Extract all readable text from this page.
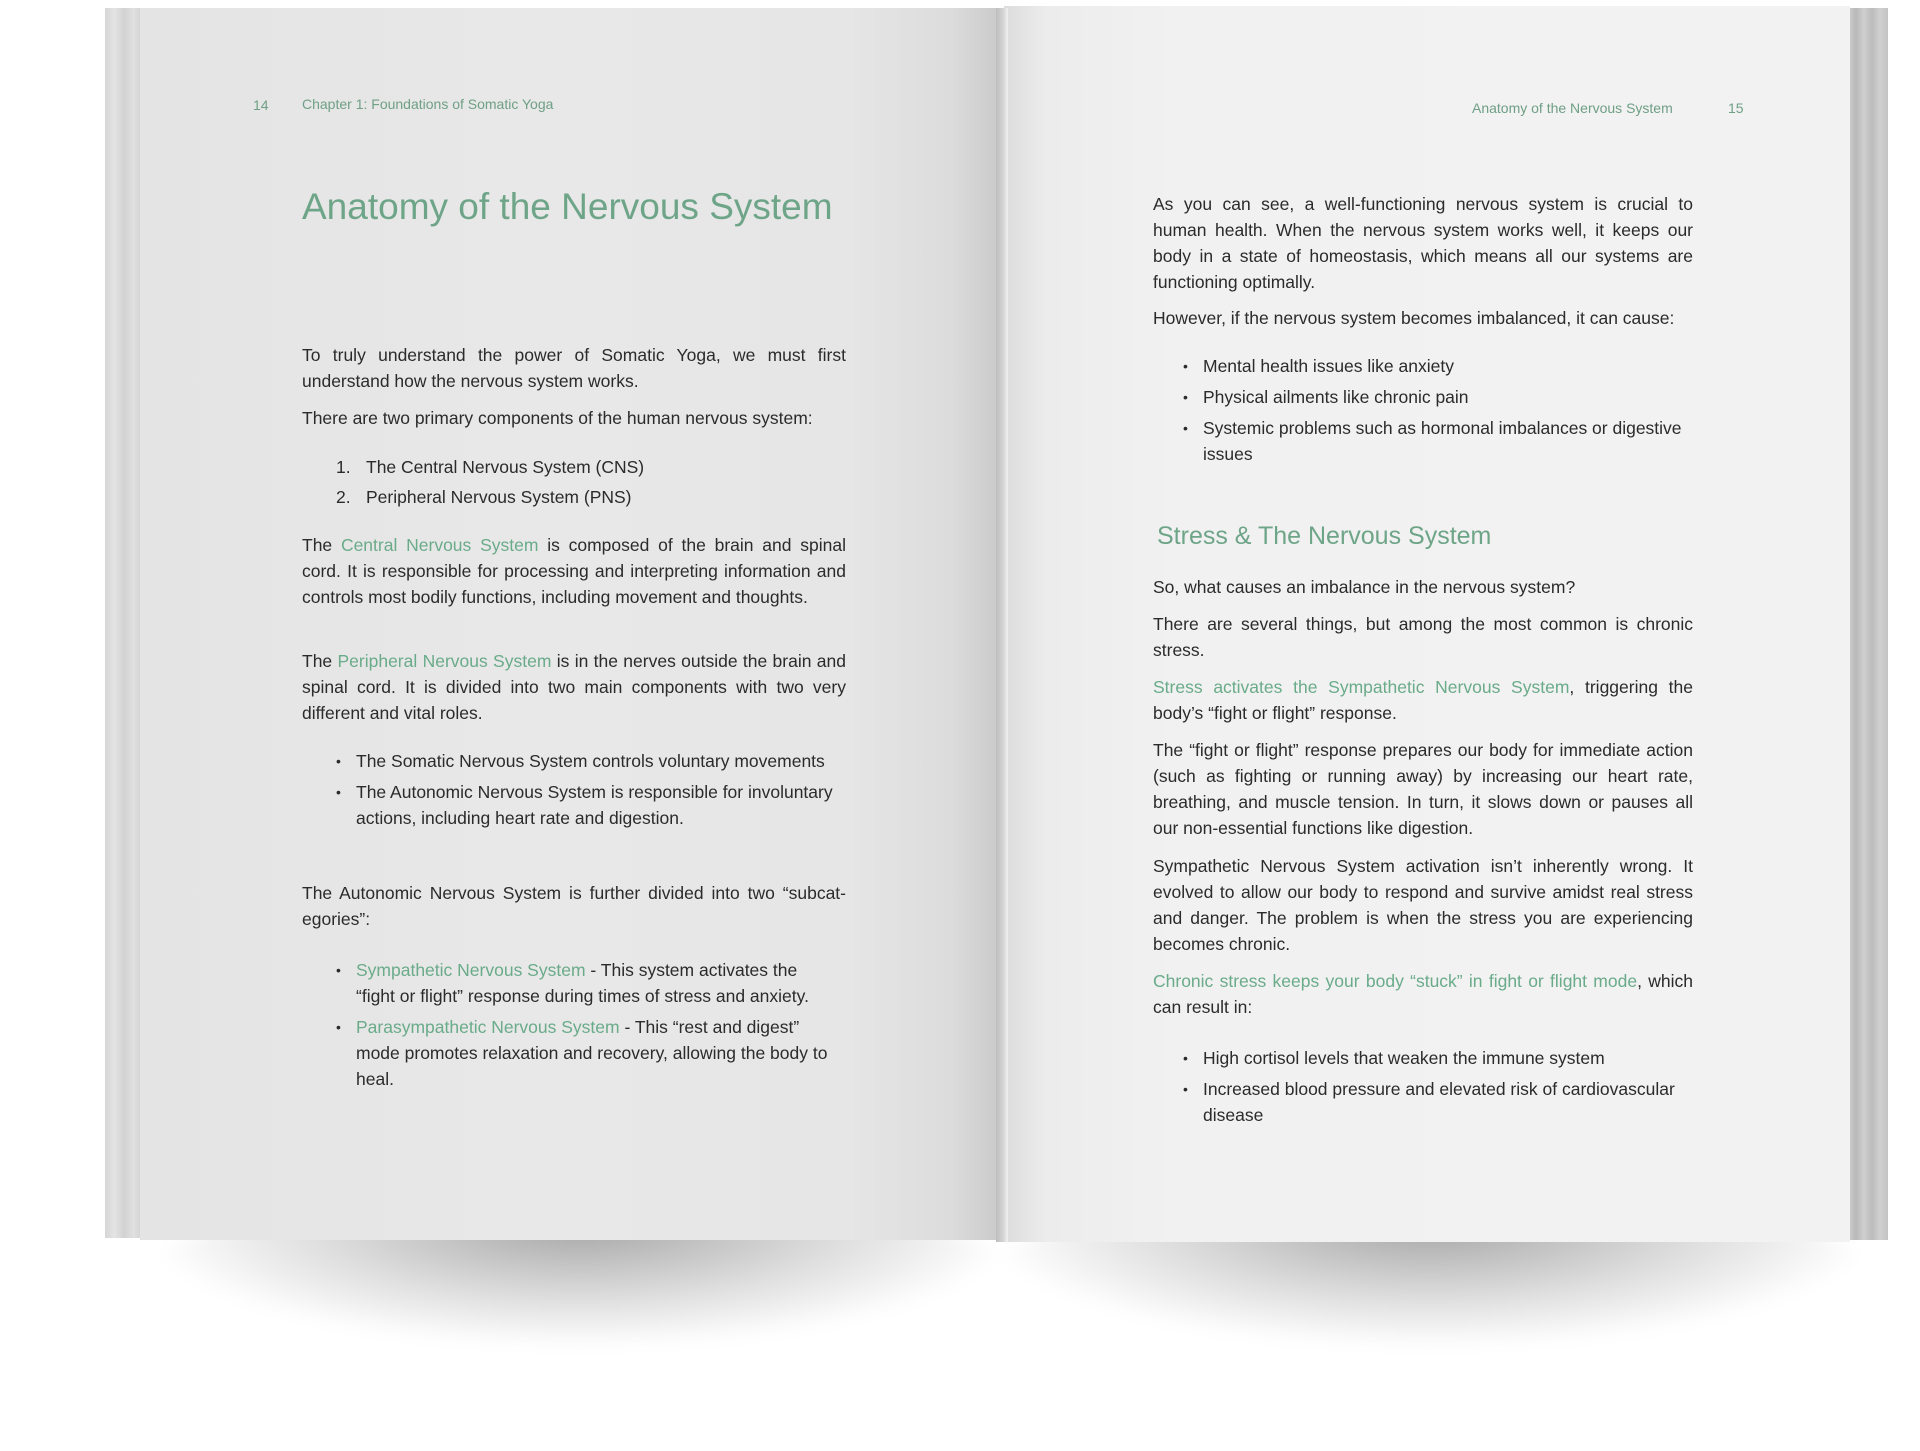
14 Chapter 1: Foundations of Somatic Yoga
Anatomy of the Nervous System

To truly understand the power of Somatic Yoga, we must first understand how the nervous system works.

There are two primary components of the human nervous system:

1. The Central Nervous System (CNS)
2. Peripheral Nervous System (PNS)

The Central Nervous System is composed of the brain and spinal cord. It is responsible for processing and interpreting information and controls most bodily functions, including movement and thoughts.

The Peripheral Nervous System is in the nerves outside the brain and spinal cord. It is divided into two main components with two very different and vital roles.

• The Somatic Nervous System controls voluntary movements
• The Autonomic Nervous System is responsible for involuntary actions, including heart rate and digestion.

The Autonomic Nervous System is further divided into two “subcategories”:

• Sympathetic Nervous System - This system activates the “fight or flight” response during times of stress and anxiety.
• Parasympathetic Nervous System - This “rest and digest” mode promotes relaxation and recovery, allowing the body to heal.
Anatomy of the Nervous System	15

As you can see, a well-functioning nervous system is crucial to human health. When the nervous system works well, it keeps our body in a state of homeostasis, which means all our systems are functioning optimally.

However, if the nervous system becomes imbalanced, it can cause:

• Mental health issues like anxiety
• Physical ailments like chronic pain
• Systemic problems such as hormonal imbalances or digestive issues
Stress & The Nervous System

So, what causes an imbalance in the nervous system?

There are several things, but among the most common is chronic stress.

Stress activates the Sympathetic Nervous System, triggering the body’s “fight or flight” response.

The “fight or flight” response prepares our body for immediate action (such as fighting or running away) by increasing our heart rate, breathing, and muscle tension. In turn, it slows down or pauses all our non-essential functions like digestion.

Sympathetic Nervous System activation isn’t inherently wrong. It evolved to allow our body to respond and survive amidst real stress and danger. The problem is when the stress you are experiencing becomes chronic.

Chronic stress keeps your body “stuck” in fight or flight mode, which can result in:

• High cortisol levels that weaken the immune system
• Increased blood pressure and elevated risk of cardiovascular disease
